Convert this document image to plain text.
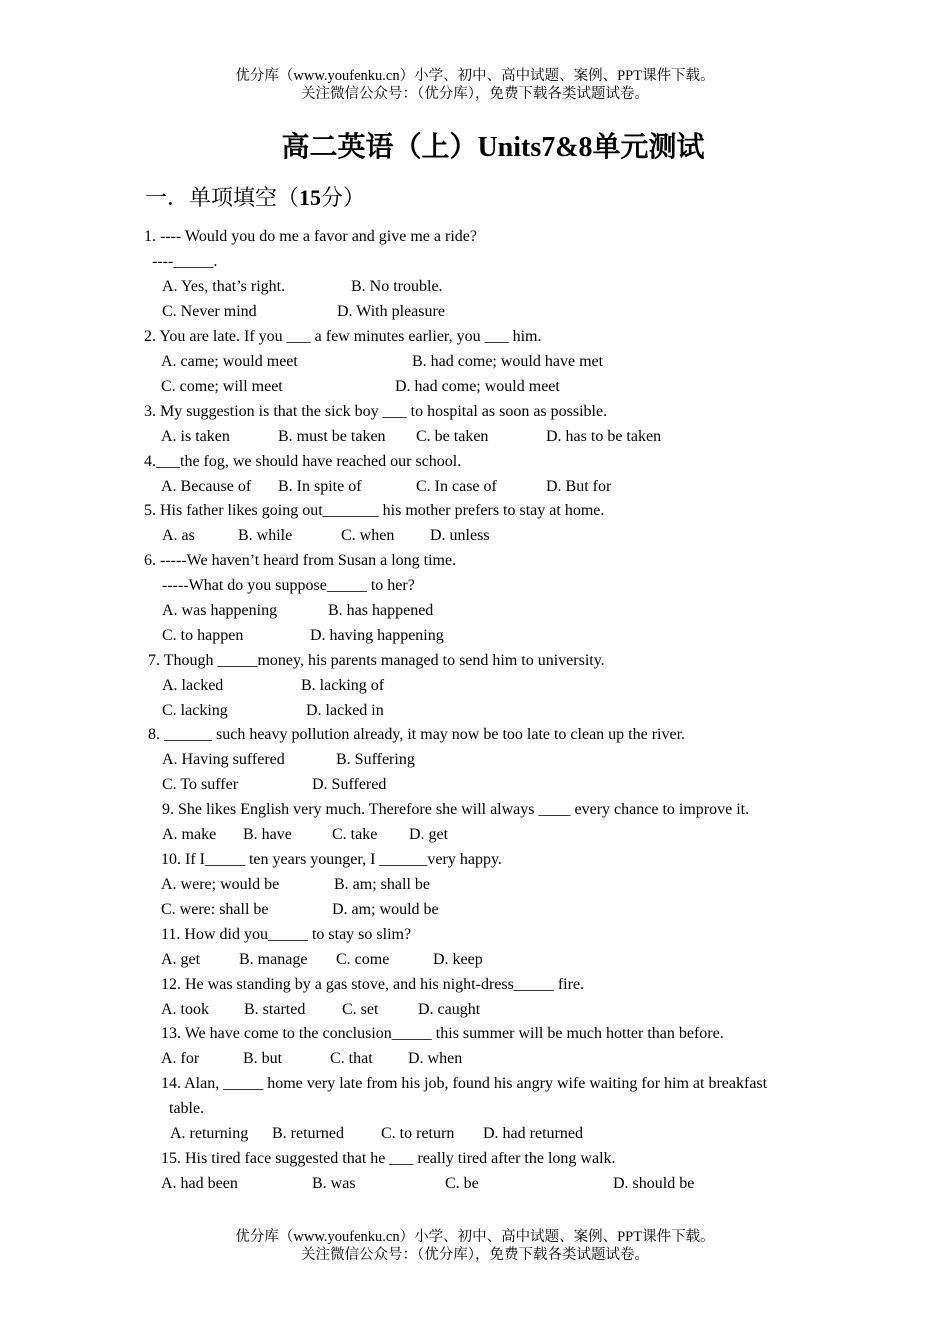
优分库（www.youfenku.cn）小学、初中、高中试题、案例、PPT课件下载。
关注微信公众号：（优分库），免费下载各类试题试卷。
高二英语（上）Units7&8单元测试
一．单项填空（15分）
1. ---- Would you do me a favor and give me a ride?
----_____.
A. Yes, that’s right.	B. No trouble.
C. Never mind	D. With pleasure
2. You are late. If you ___ a few minutes earlier, you ___ him.
A. came; would meet	B. had come; would have met
C. come; will meet	D. had come; would meet
3. My suggestion is that the sick boy ___ to hospital as soon as possible.
A. is taken	B. must be taken C. be taken	D. has to be taken
4.___the fog, we should have reached our school.
A. Because of B. In spite of	C. In case of	D. But for
5. His father likes going out_______ his mother prefers to stay at home.
A. as	B. while	C. when D. unless
6. -----We haven’t heard from Susan a long time.
-----What do you suppose_____ to her?
A. was happening	B. has happened
C. to happen	D. having happening
7. Though _____money, his parents managed to send him to university.
A. lacked	B. lacking of
C. lacking	D. lacked in
8. ______ such heavy pollution already, it may now be too late to clean up the river.
A. Having suffered	B. Suffering
C. To suffer	D. Suffered
9. She likes English very much. Therefore she will always ____ every chance to improve it.
A. make B. have	C. take D. get
10. If I_____ ten years younger, I ______very happy.
A. were; would be	B. am; shall be
C. were: shall be	D. am; would be
11. How did you_____ to stay so slim?
A. get B. manage C. come	D. keep
12. He was standing by a gas stove, and his night-dress_____ fire.
A. took B. started C. set D. caught
13. We have come to the conclusion_____ this summer will be much hotter than before.
A. for	B. but	C. that D. when
14. Alan, _____ home very late from his job, found his angry wife waiting for him at breakfast
table.
A. returning B. returned C. to return D. had returned
15. His tired face suggested that he ___ really tired after the long walk.
A. had been	B. was	C. be	D. should be
优分库（www.youfenku.cn）小学、初中、高中试题、案例、PPT课件下载。
关注微信公众号：（优分库），免费下载各类试题试卷。
